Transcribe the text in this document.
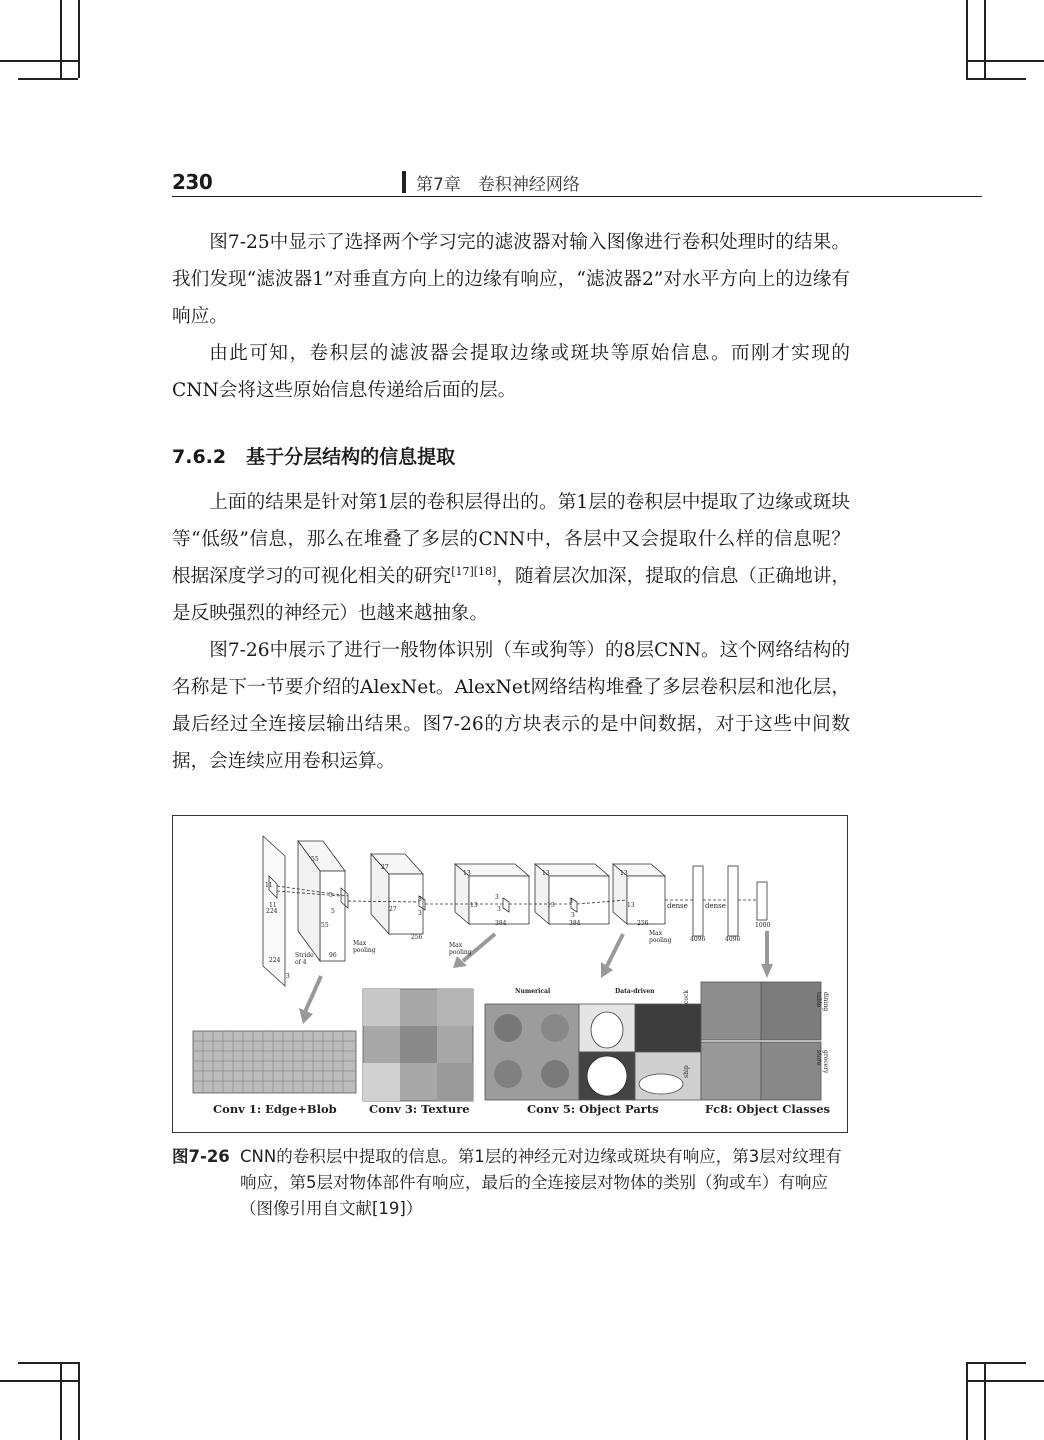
230	第7章　卷积神经网络

图7-25中显示了选择两个学习完的滤波器对输入图像进行卷积处理时的结果。我们发现“滤波器1”对垂直方向上的边缘有响应，“滤波器2”对水平方向上的边缘有响应。

由此可知，卷积层的滤波器会提取边缘或斑块等原始信息。而刚才实现的CNN会将这些原始信息传递给后面的层。

7.6.2 基于分层结构的信息提取

上面的结果是针对第1层的卷积层得出的。第1层的卷积层中提取了边缘或斑块等“低级”信息，那么在堆叠了多层的CNN中，各层中又会提取什么样的信息呢？根据深度学习的可视化相关的研究[17][18]，随着层次加深，提取的信息（正确地讲，是反映强烈的神经元）也越来越抽象。

图7-26中展示了进行一般物体识别（车或狗等）的8层CNN。这个网络结构的名称是下一节要介绍的AlexNet。AlexNet网络结构堆叠了多层卷积层和池化层，最后经过全连接层输出结果。图7-26的方块表示的是中间数据，对于这些中间数据，会连续应用卷积运算。

224
224
3
11
11
Stride
of 4
55
55
5
5
96
Max
pooling
27
27
3
3
256
Max
pooling
13
13
3
3
384
13
13
3
3
384
13
13
256
Max
pooling
dense dense
4096	4096
1000
Numerical	Data-driven	cock
ship
dining table
grocery store
Conv 1: Edge+Blob	Conv 3: Texture	Conv 5: Object Parts	Fc8: Object Classes
图7-26 CNN的卷积层中提取的信息。第1层的神经元对边缘或斑块有响应，第3层对纹理有响应，第5层对物体部件有响应，最后的全连接层对物体的类别（狗或车）有响应（图像引用自文献[19]）
